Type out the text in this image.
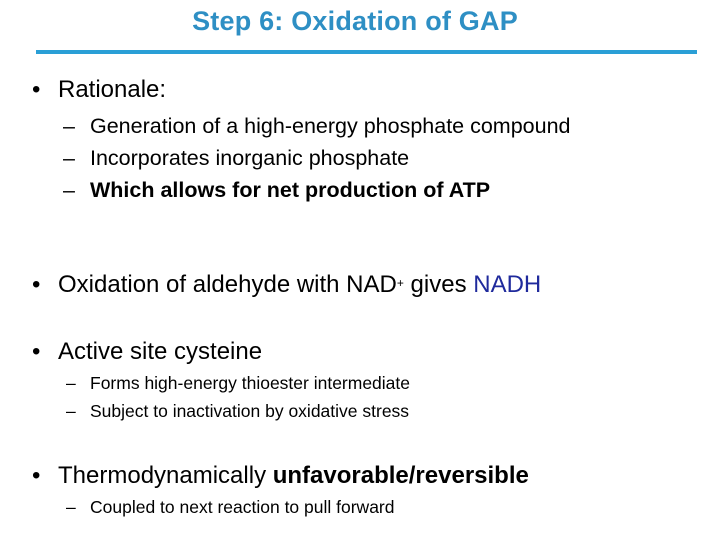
Step 6: Oxidation of GAP
• Rationale:
– Generation of a high-energy phosphate compound
– Incorporates inorganic phosphate
– Which allows for net production of ATP
• Oxidation of aldehyde with NAD+ gives NADH
• Active site cysteine
– Forms high-energy thioester intermediate
– Subject to inactivation by oxidative stress
• Thermodynamically unfavorable/reversible
– Coupled to next reaction to pull forward
